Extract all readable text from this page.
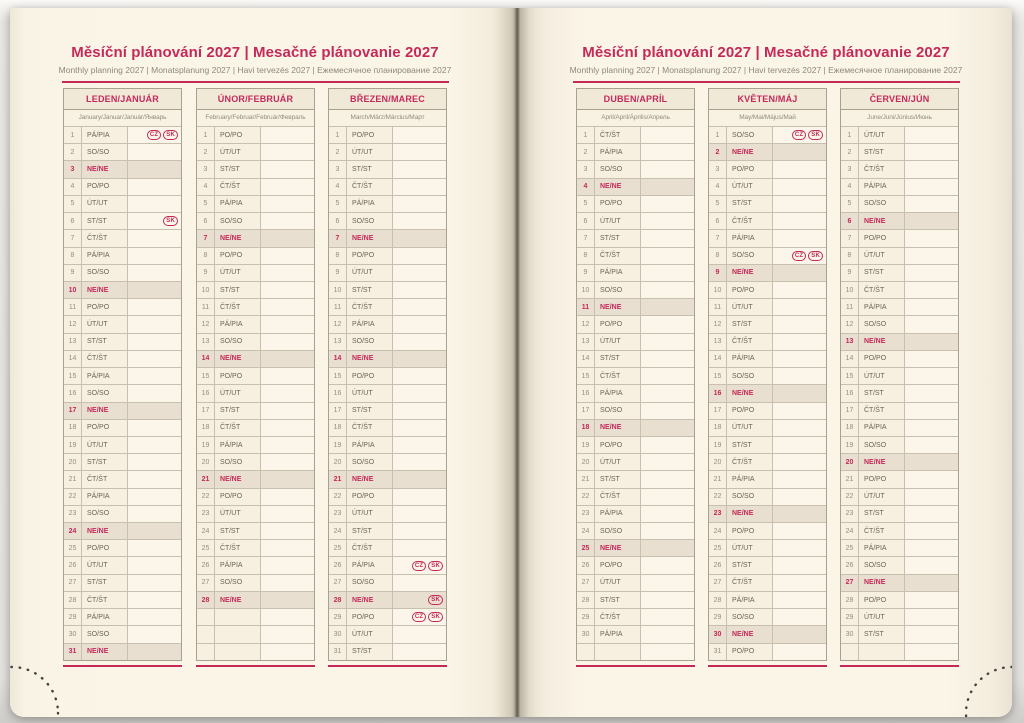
Měsíční plánování 2027 | Mesačné plánovanie 2027
Monthly planning 2027 | Monatsplanung 2027 | Havi tervezés 2027 | Ежемесячное планирование 2027
Měsíční plánování 2027 | Mesačné plánovanie 2027
Monthly planning 2027 | Monatsplanung 2027 | Havi tervezés 2027 | Ежемесячное планирование 2027
LEDEN/JANUÁR
January/Januar/Január/Январь
1	PÁ/PIA	CZ	SK
2	SO/SO
3	NE/NE
4	PO/PO
5	ÚT/UT
6	ST/ST	SK
7	ČT/ŠT
8	PÁ/PIA
9	SO/SO
10	NE/NE
11	PO/PO
12	ÚT/UT
13	ST/ST
14	ČT/ŠT
15	PÁ/PIA
16	SO/SO
17	NE/NE
18	PO/PO
19	ÚT/UT
20	ST/ST
21	ČT/ŠT
22	PÁ/PIA
23	SO/SO
24	NE/NE
25	PO/PO
26	ÚT/UT
27	ST/ST
28	ČT/ŠT
29	PÁ/PIA
30	SO/SO
31	NE/NE
ÚNOR/FEBRUÁR
February/Februar/Február/Февраль
1	PO/PO
2	ÚT/UT
3	ST/ST
4	ČT/ŠT
5	PÁ/PIA
6	SO/SO
7	NE/NE
8	PO/PO
9	ÚT/UT
10	ST/ST
11	ČT/ŠT
12	PÁ/PIA
13	SO/SO
14	NE/NE
15	PO/PO
16	ÚT/UT
17	ST/ST
18	ČT/ŠT
19	PÁ/PIA
20	SO/SO
21	NE/NE
22	PO/PO
23	ÚT/UT
24	ST/ST
25	ČT/ŠT
26	PÁ/PIA
27	SO/SO
28	NE/NE
BŘEZEN/MAREC
March/März/Március/Март
1	PO/PO
2	ÚT/UT
3	ST/ST
4	ČT/ŠT
5	PÁ/PIA
6	SO/SO
7	NE/NE
8	PO/PO
9	ÚT/UT
10	ST/ST
11	ČT/ŠT
12	PÁ/PIA
13	SO/SO
14	NE/NE
15	PO/PO
16	ÚT/UT
17	ST/ST
18	ČT/ŠT
19	PÁ/PIA
20	SO/SO
21	NE/NE
22	PO/PO
23	ÚT/UT
24	ST/ST
25	ČT/ŠT
26	PÁ/PIA	CZ	SK
27	SO/SO
28	NE/NE	SK
29	PO/PO	CZ	SK
30	ÚT/UT
31	ST/ST
DUBEN/APRÍL
April/April/Április/Апрель
1	ČT/ŠT
2	PÁ/PIA
3	SO/SO
4	NE/NE
5	PO/PO
6	ÚT/UT
7	ST/ST
8	ČT/ŠT
9	PÁ/PIA
10	SO/SO
11	NE/NE
12	PO/PO
13	ÚT/UT
14	ST/ST
15	ČT/ŠT
16	PÁ/PIA
17	SO/SO
18	NE/NE
19	PO/PO
20	ÚT/UT
21	ST/ST
22	ČT/ŠT
23	PÁ/PIA
24	SO/SO
25	NE/NE
26	PO/PO
27	ÚT/UT
28	ST/ST
29	ČT/ŠT
30	PÁ/PIA
KVĚTEN/MÁJ
May/Mai/Május/Май
1	SO/SO	CZ	SK
2	NE/NE
3	PO/PO
4	ÚT/UT
5	ST/ST
6	ČT/ŠT
7	PÁ/PIA
8	SO/SO	CZ	SK
9	NE/NE
10	PO/PO
11	ÚT/UT
12	ST/ST
13	ČT/ŠT
14	PÁ/PIA
15	SO/SO
16	NE/NE
17	PO/PO
18	ÚT/UT
19	ST/ST
20	ČT/ŠT
21	PÁ/PIA
22	SO/SO
23	NE/NE
24	PO/PO
25	ÚT/UT
26	ST/ST
27	ČT/ŠT
28	PÁ/PIA
29	SO/SO
30	NE/NE
31	PO/PO
ČERVEN/JÚN
June/Juni/Június/Июнь
1	ÚT/UT
2	ST/ST
3	ČT/ŠT
4	PÁ/PIA
5	SO/SO
6	NE/NE
7	PO/PO
8	ÚT/UT
9	ST/ST
10	ČT/ŠT
11	PÁ/PIA
12	SO/SO
13	NE/NE
14	PO/PO
15	ÚT/UT
16	ST/ST
17	ČT/ŠT
18	PÁ/PIA
19	SO/SO
20	NE/NE
21	PO/PO
22	ÚT/UT
23	ST/ST
24	ČT/ŠT
25	PÁ/PIA
26	SO/SO
27	NE/NE
28	PO/PO
29	ÚT/UT
30	ST/ST
